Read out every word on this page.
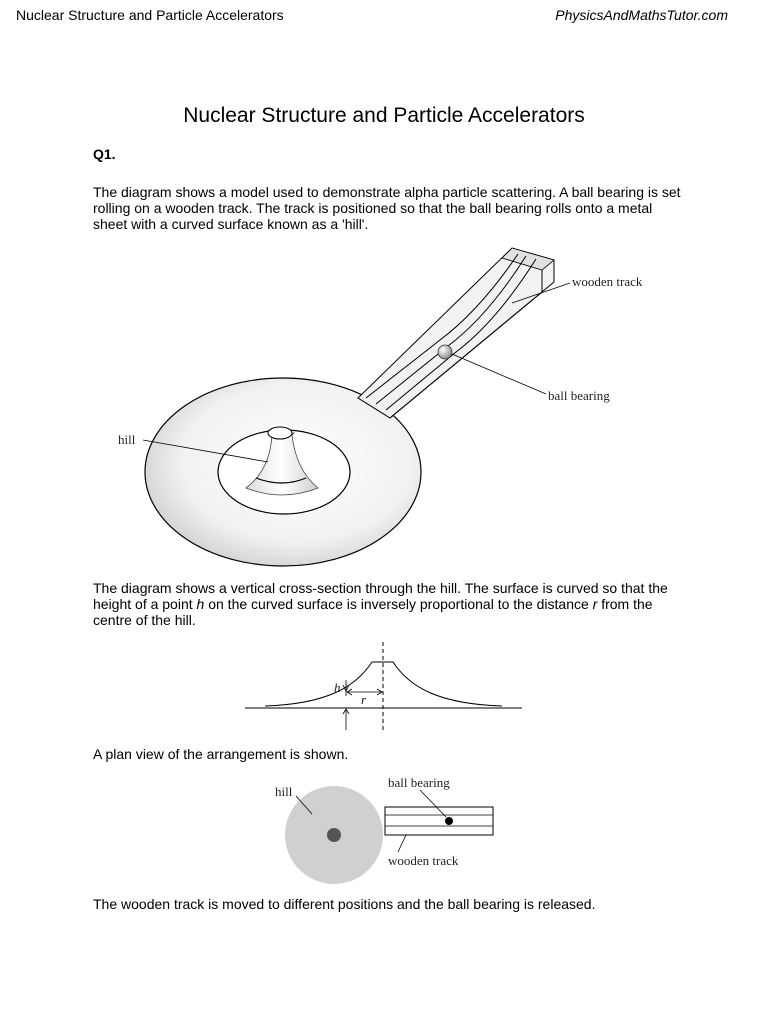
Nuclear Structure and Particle Accelerators	PhysicsAndMathsTutor.com
Nuclear Structure and Particle Accelerators
Q1.
The diagram shows a model used to demonstrate alpha particle scattering. A ball bearing is set rolling on a wooden track. The track is positioned so that the ball bearing rolls onto a metal sheet with a curved surface known as a 'hill'.
wooden track
ball bearing
hill
The diagram shows a vertical cross-section through the hill. The surface is curved so that the height of a point h on the curved surface is inversely proportional to the distance r from the centre of the hill.
h
r
A plan view of the arrangement is shown.
hill
ball bearing
wooden track
The wooden track is moved to different positions and the ball bearing is released.
